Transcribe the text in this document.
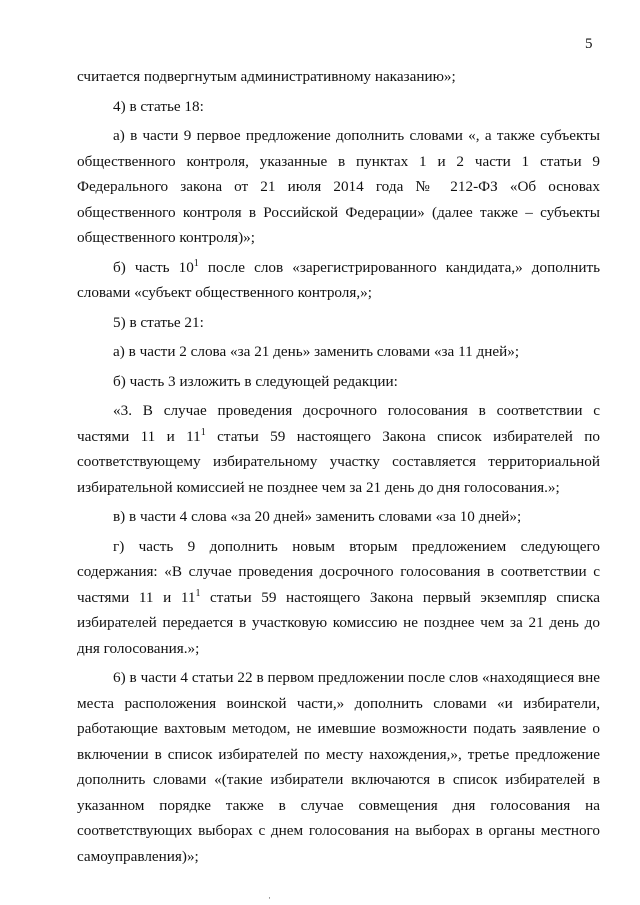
5

считается подвергнутым административному наказанию»;

4) в статье 18:

а) в части 9 первое предложение дополнить словами «, а также субъекты общественного контроля, указанные в пунктах 1 и 2 части 1 статьи 9 Федерального закона от 21 июля 2014 года № 212-ФЗ «Об основах общественного контроля в Российской Федерации» (далее также – субъекты общественного контроля)»;

б) часть $10^1$ после слов «зарегистрированного кандидата,» дополнить словами «субъект общественного контроля,»;

5) в статье 21:

а) в части 2 слова «за 21 день» заменить словами «за 11 дней»;

б) часть 3 изложить в следующей редакции:

«3. В случае проведения досрочного голосования в соответствии с частями 11 и $11^1$ статьи 59 настоящего Закона список избирателей по соответствующему избирательному участку составляется территориальной избирательной комиссией не позднее чем за 21 день до дня голосования.»;

в) в части 4 слова «за 20 дней» заменить словами «за 10 дней»;

г) часть 9 дополнить новым вторым предложением следующего содержания: «В случае проведения досрочного голосования в соответствии с частями 11 и $11^1$ статьи 59 настоящего Закона первый экземпляр списка избирателей передается в участковую комиссию не позднее чем за 21 день до дня голосования.»;

6) в части 4 статьи 22 в первом предложении после слов «находящиеся вне места расположения воинской части,» дополнить словами «и избиратели, работающие вахтовым методом, не имевшие возможности подать заявление о включении в список избирателей по месту нахождения,», третье предложение дополнить словами «(такие избиратели включаются в список избирателей в указанном порядке также в случае совмещения дня голосования на соответствующих выборах с днем голосования на выборах в органы местного самоуправления)»;

·
